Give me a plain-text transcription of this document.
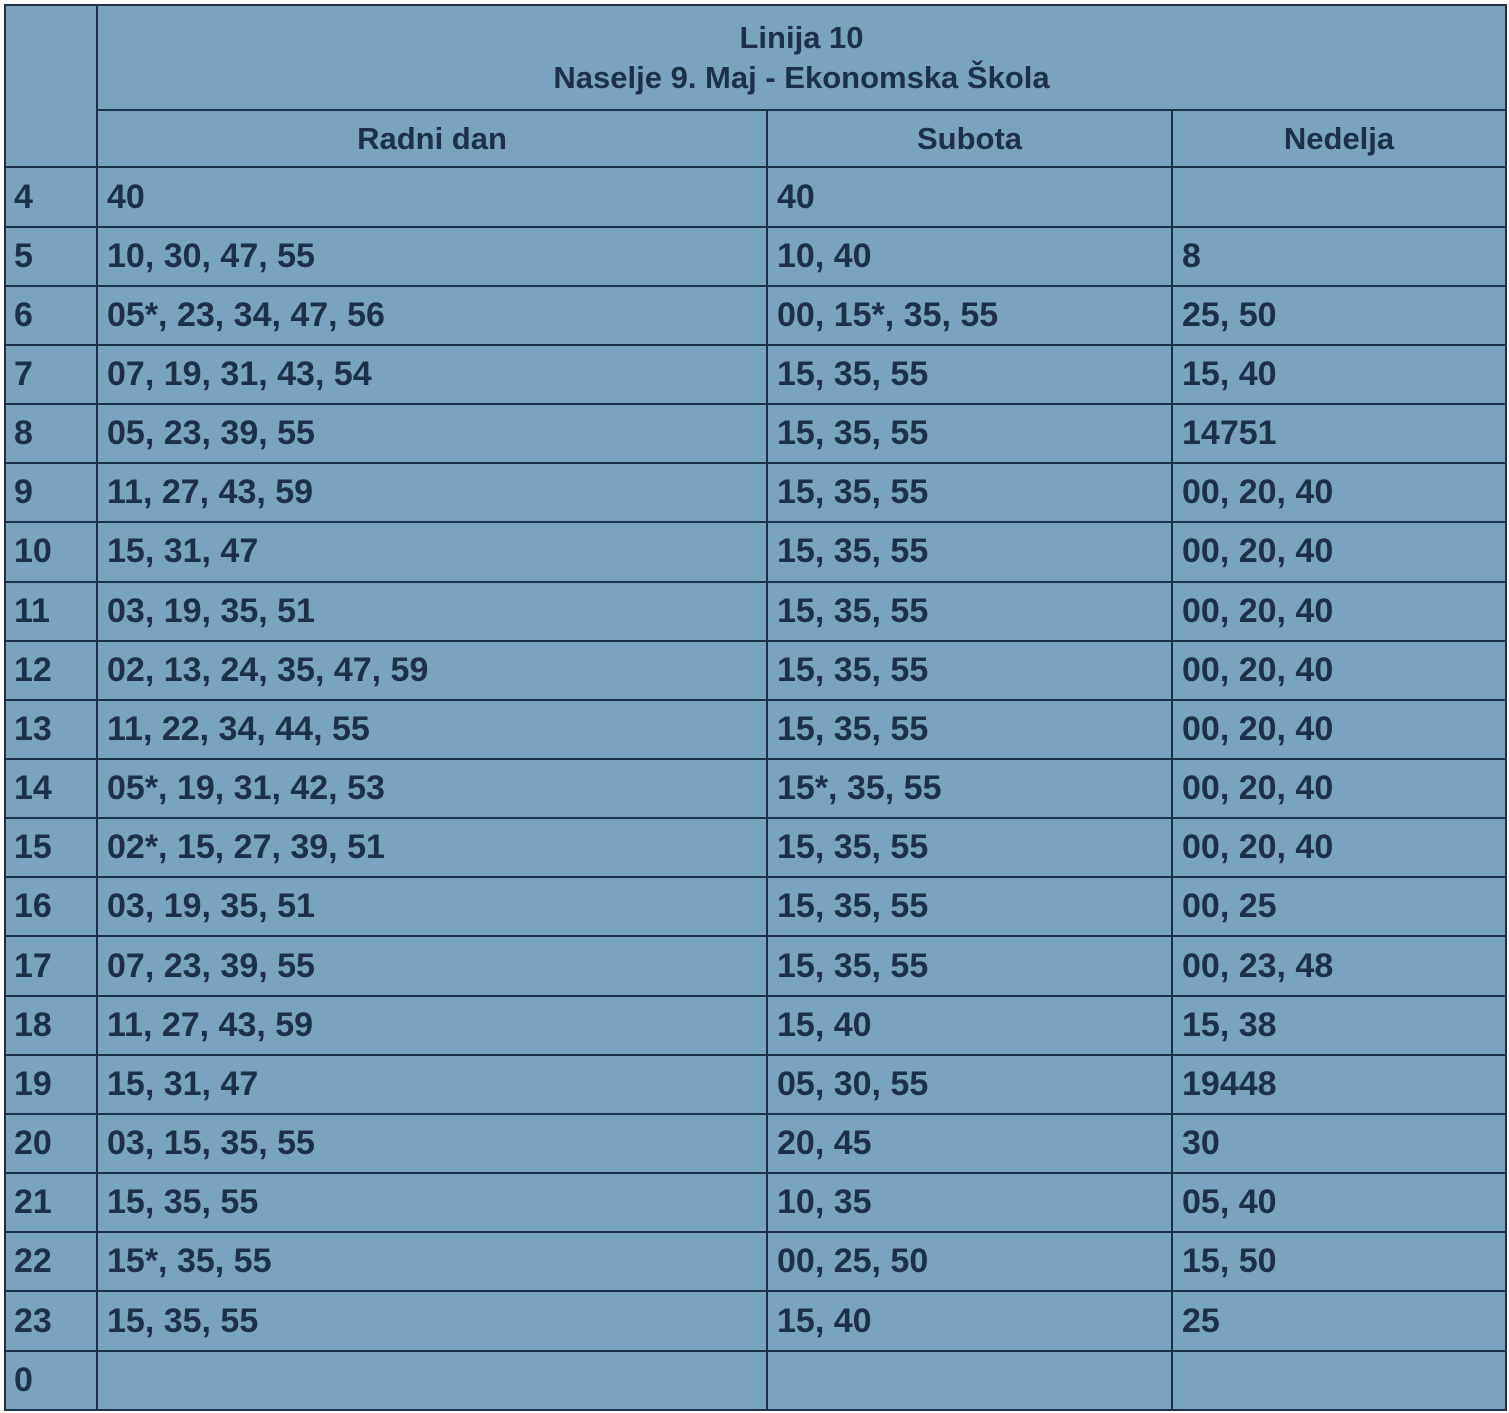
	Linija 10
Naselje 9. Maj - Ekonomska Škola		

	Radni dan	Subota	Nedelja
4	40	40	
5	10, 30, 47, 55	10, 40	8
6	05*, 23, 34, 47, 56	00, 15*, 35, 55	25, 50
7	07, 19, 31, 43, 54	15, 35, 55	15, 40
8	05, 23, 39, 55	15, 35, 55	14751
9	11, 27, 43, 59	15, 35, 55	00, 20, 40
10	15, 31, 47	15, 35, 55	00, 20, 40
11	03, 19, 35, 51	15, 35, 55	00, 20, 40
12	02, 13, 24, 35, 47, 59	15, 35, 55	00, 20, 40
13	11, 22, 34, 44, 55	15, 35, 55	00, 20, 40
14	05*, 19, 31, 42, 53	15*, 35, 55	00, 20, 40
15	02*, 15, 27, 39, 51	15, 35, 55	00, 20, 40
16	03, 19, 35, 51	15, 35, 55	00, 25
17	07, 23, 39, 55	15, 35, 55	00, 23, 48
18	11, 27, 43, 59	15, 40	15, 38
19	15, 31, 47	05, 30, 55	19448
20	03, 15, 35, 55	20, 45	30
21	15, 35, 55	10, 35	05, 40
22	15*, 35, 55	00, 25, 50	15, 50
23	15, 35, 55	15, 40	25
0			
